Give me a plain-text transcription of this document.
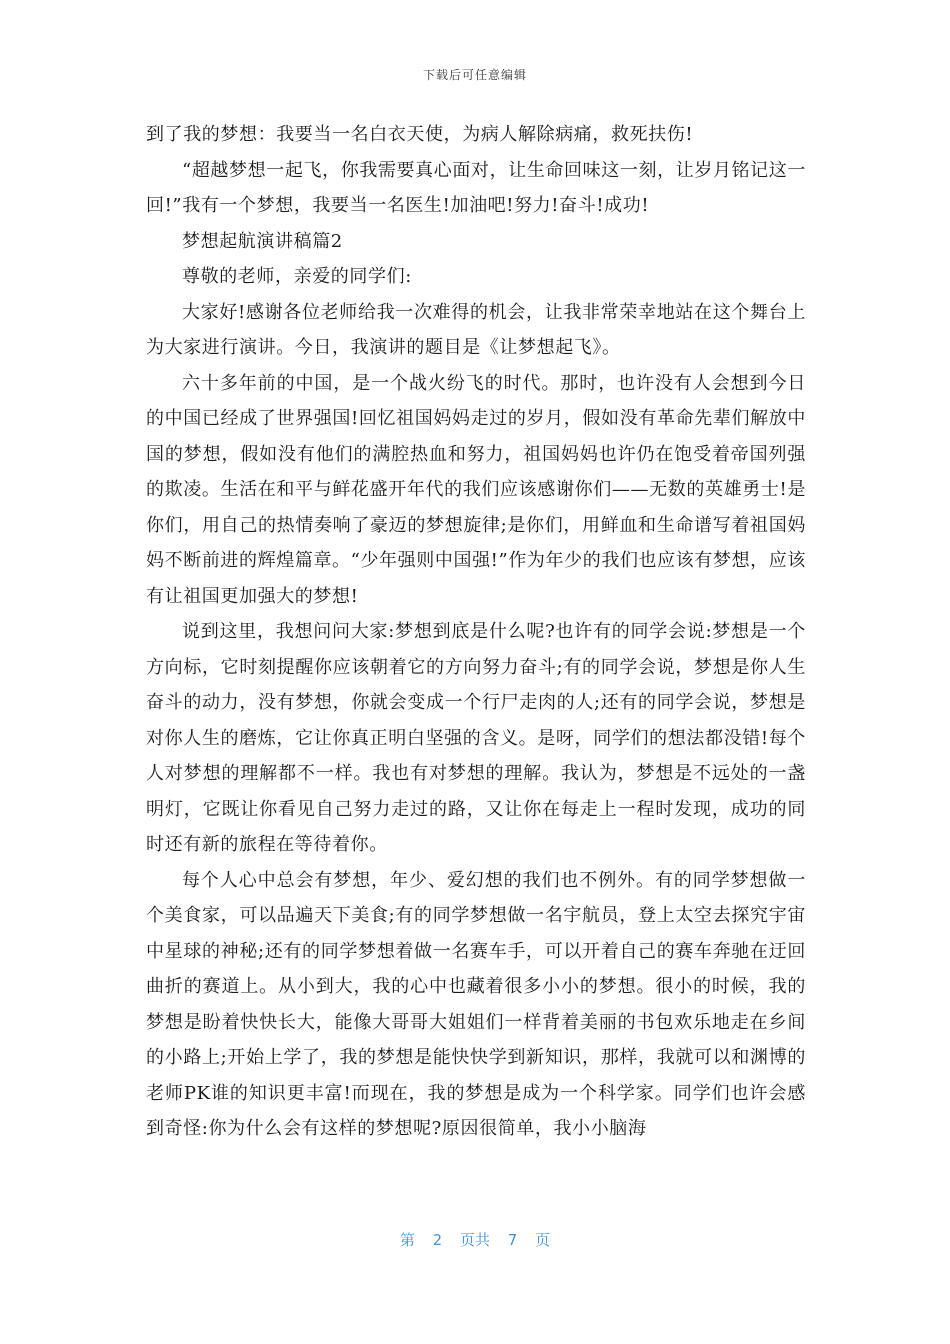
下载后可任意编辑

到了我的梦想：我要当一名白衣天使，为病人解除病痛，救死扶伤!

“超越梦想一起飞，你我需要真心面对，让生命回味这一刻，让岁月铭记这一回!”我有一个梦想，我要当一名医生!加油吧!努力!奋斗!成功!

梦想起航演讲稿篇2

尊敬的老师，亲爱的同学们:

大家好!感谢各位老师给我一次难得的机会，让我非常荣幸地站在这个舞台上为大家进行演讲。今日，我演讲的题目是《让梦想起飞》。

六十多年前的中国，是一个战火纷飞的时代。那时，也许没有人会想到今日的中国已经成了世界强国!回忆祖国妈妈走过的岁月，假如没有革命先辈们解放中国的梦想，假如没有他们的满腔热血和努力，祖国妈妈也许仍在饱受着帝国列强的欺凌。生活在和平与鲜花盛开年代的我们应该感谢你们——无数的英雄勇士!是你们，用自己的热情奏响了豪迈的梦想旋律;是你们，用鲜血和生命谱写着祖国妈妈不断前进的辉煌篇章。“少年强则中国强!”作为年少的我们也应该有梦想，应该有让祖国更加强大的梦想!

说到这里，我想问问大家:梦想到底是什么呢?也许有的同学会说:梦想是一个方向标，它时刻提醒你应该朝着它的方向努力奋斗;有的同学会说，梦想是你人生奋斗的动力，没有梦想，你就会变成一个行尸走肉的人;还有的同学会说，梦想是对你人生的磨炼，它让你真正明白坚强的含义。是呀，同学们的想法都没错!每个人对梦想的理解都不一样。我也有对梦想的理解。我认为，梦想是不远处的一盏明灯，它既让你看见自己努力走过的路，又让你在每走上一程时发现，成功的同时还有新的旅程在等待着你。

每个人心中总会有梦想，年少、爱幻想的我们也不例外。有的同学梦想做一个美食家，可以品遍天下美食;有的同学梦想做一名宇航员，登上太空去探究宇宙中星球的神秘;还有的同学梦想着做一名赛车手，可以开着自己的赛车奔驰在迂回曲折的赛道上。从小到大，我的心中也藏着很多小小的梦想。很小的时候，我的梦想是盼着快快长大，能像大哥哥大姐姐们一样背着美丽的书包欢乐地走在乡间的小路上;开始上学了，我的梦想是能快快学到新知识，那样，我就可以和渊博的老师PK谁的知识更丰富!而现在，我的梦想是成为一个科学家。同学们也许会感到奇怪:你为什么会有这样的梦想呢?原因很简单，我小小脑海

第  2  页共  7  页
